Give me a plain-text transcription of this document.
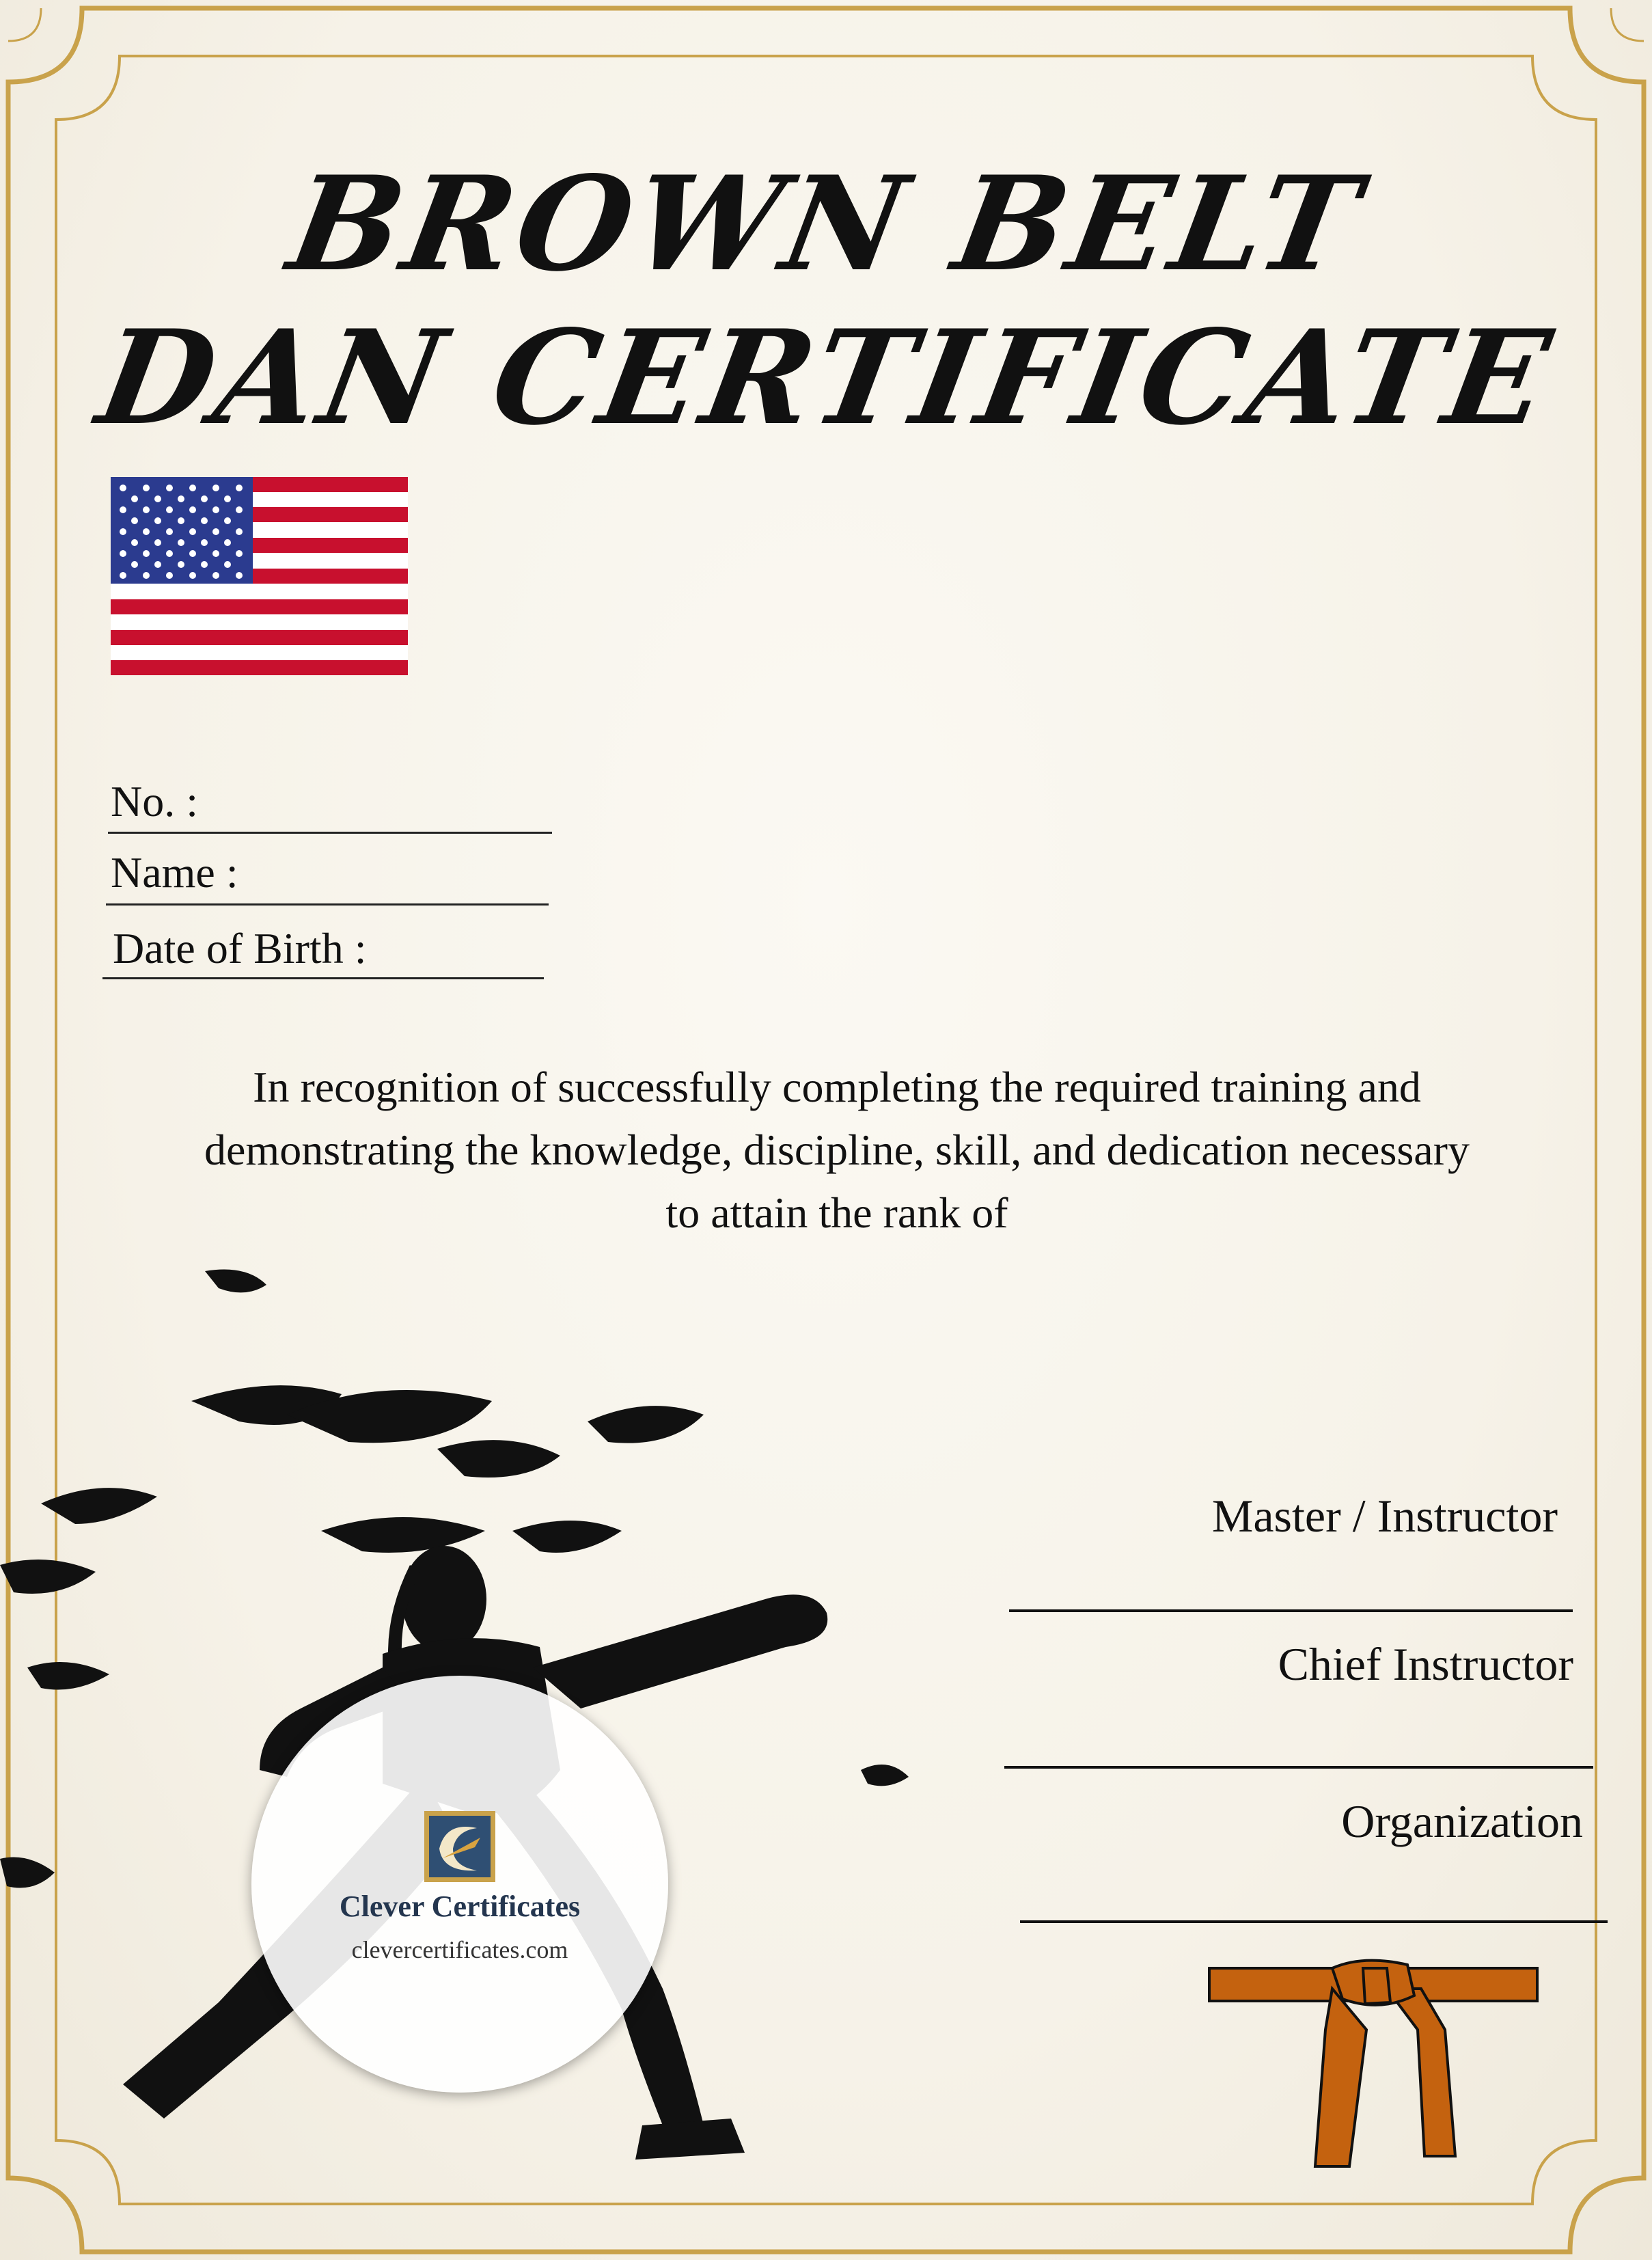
BROWN BELT
DAN CERTIFICATE
No. :
Name :
Date of Birth :
In recognition of successfully completing the required training and
demonstrating the knowledge, discipline, skill, and dedication necessary
to attain the rank of
Master / Instructor
Chief Instructor
Organization
Clever Certificates
clevercertificates.com
